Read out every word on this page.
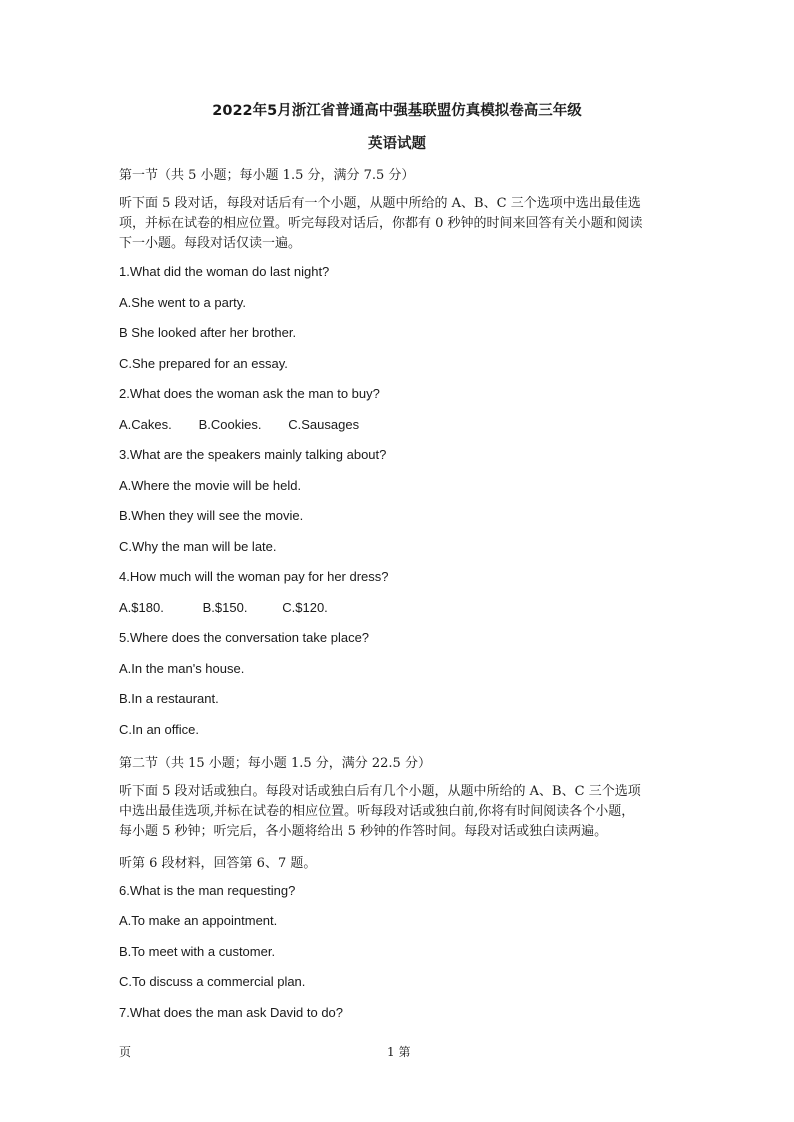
2022年5月浙江省普通高中强基联盟仿真模拟卷高三年级
英语试题
第一节（共 5 小题；每小题 1.5 分，满分 7.5 分）
听下面 5 段对话，每段对话后有一个小题，从题中所给的 A、B、C 三个选项中选出最佳选
项，并标在试卷的相应位置。听完每段对话后，你都有 0 秒钟的时间来回答有关小题和阅读
下一小题。每段对话仅读一遍。
1.What did the woman do last night?
A.She went to a party.
B She looked after her brother.
C.She prepared for an essay.
2.What does the woman ask the man to buy?
A.Cakes. B.Cookies. C.Sausages
3.What are the speakers mainly talking about?
A.Where the movie will be held.
B.When they will see the movie.
C.Why the man will be late.
4.How much will the woman pay for her dress?
A.$180.	B.$150.	C.$120.
5.Where does the conversation take place?
A.In the man's house.
B.In a restaurant.
C.In an office.
第二节（共 15 小题；每小题 1.5 分，满分 22.5 分）
听下面 5 段对话或独白。每段对话或独白后有几个小题，从题中所给的 A、B、C 三个选项
中选出最佳选项,并标在试卷的相应位置。听每段对话或独白前,你将有时间阅读各个小题，
每小题 5 秒钟；听完后，各小题将给出 5 秒钟的作答时间。每段对话或独白读两遍。
听第 6 段材料，回答第 6、7 题。
6.What is the man requesting?
A.To make an appointment.
B.To meet with a customer.
C.To discuss a commercial plan.
7.What does the man ask David to do?
页	1 第
